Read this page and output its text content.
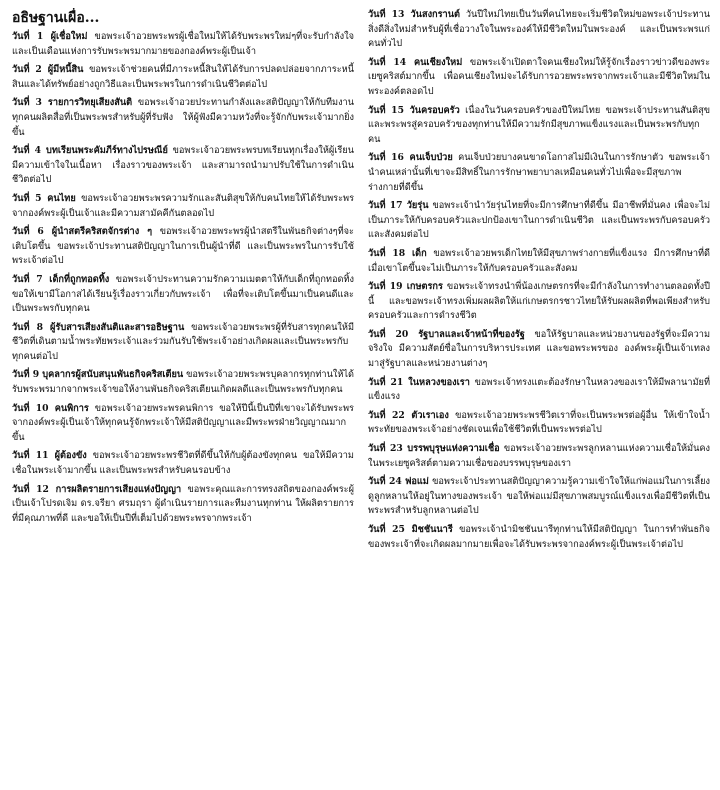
อธิษฐานเผื่อ...

วันที่ 1 ผู้เชื่อใหม่ ขอพระเจ้าอวยพระพรผู้เชื่อใหม่ให้ได้รับพระพรใหม่ๆที่จะรับกำลังใจและเป็นเดือนแห่งการรับพระพรมากมายของกองค์พระผู้เป็นเจ้า

วันที่ 2 ผู้มีหนี้สิน ขอพระเจ้าช่วยคนที่มีภาระหนี้สินให้ได้รับการปลดปล่อยจากภาระหนี้สินและได้ทรัพย์อย่างถูกวิธีและเป็นพระพรในการดำเนินชีวิตต่อไป

วันที่ 3 รายการวิทยุเสียงสันติ ขอพระเจ้าอวยประทานกำลังและสติปัญญาให้กับทีมงานทุกคนผลิตสื่อที่เป็นพระพรสำหรับผู้ที่รับฟัง ให้ผู้ฟังมีความหวังที่จะรู้จักกับพระเจ้ามากยิ่งขึ้น

วันที่ 4 บทเรียนพระคัมภีร์ทางไปรษณีย์ ขอพระเจ้าอวยพระพรบทเรียนทุกเรื่องให้ผู้เรียนมีความเข้าใจในเนื้อหา เรื่องราวของพระเจ้า และสามารถนำมาปรับใช้ในการดำเนินชีวิตต่อไป

วันที่ 5 คนไทย ขอพระเจ้าอวยพระพรความรักและสันติสุขให้กับคนไทยให้ได้รับพระพรจากองค์พระผู้เป็นเจ้าและมีความสามัคคีกันตลอดไป

วันที่ 6 ผู้นำสตรีคริสตจักรต่าง ๆ ขอพระเจ้าอวยพระพรผู้นำสตรีในพันธกิจต่างๆที่จะเติบโตขึ้น ขอพระเจ้าประทานสติปัญญาในการเป็นผู้นำที่ดี และเป็นพระพรในการรับใช้พระเจ้าต่อไป

วันที่ 7 เด็กที่ถูกทอดทิ้ง ขอพระเจ้าประทานความรักความเมตตาให้กับเด็กที่ถูกทอดทิ้ง ขอให้เขามีโอกาสได้เรียนรู้เรื่องราวเกี่ยวกับพระเจ้า เพื่อที่จะเติบโตขึ้นมาเป็นคนดีและเป็นพระพรกับทุกคน

วันที่ 8 ผู้รับสารเสียงสันติและสารอธิษฐาน ขอพระเจ้าอวยพระพรผู้ที่รับสารทุกคนให้มีชีวิตที่เดินตามน้ำพระทัยพระเจ้าและร่วมกันรับใช้พระเจ้าอย่างเกิดผลและเป็นพระพรกับทุกคนต่อไป

วันที่ 9 บุคลากรผู้สนับสนุนพันธกิจคริสเตียน ขอพระเจ้าอวยพระพรบุคลากรทุกท่านให้ได้รับพระพรมากจากพระเจ้าขอให้งานพันธกิจคริสเตียนเกิดผลดีและเป็นพระพรกับทุกคน

วันที่ 10 คนพิการ ขอพระเจ้าอวยพระพรคนพิการ ขอให้ปีนี้เป็นปีที่เขาจะได้รับพระพรจากองค์พระผู้เป็นเจ้าให้ทุกคนรู้จักพระเจ้าให้มีสติปัญญาและมีพระพรฝ่ายวิญญาณมากขึ้น

วันที่ 11 ผู้ต้องขัง ขอพระเจ้าอวยพระพรชีวิตที่ดีขึ้นให้กับผู้ต้องขังทุกคน ขอให้มีความเชื่อในพระเจ้ามากขึ้น และเป็นพระพรสำหรับคนรอบข้าง

วันที่ 12 การผลิตรายการเสียงแห่งปัญญา ขอพระคุณและการทรงสถิตของกองค์พระผู้เป็นเจ้าโปรดเจิม ดร.จรียา ศรมฤรา ผู้ดำเนินรายการและทีมงานทุกท่าน ให้ผลิตรายการที่มีคุณภาพที่ดี และขอให้เป็นปีที่เต็มไปด้วยพระพรจากพระเจ้า

วันที่ 13 วันสงกรานต์ วันปีใหม่ไทยเป็นวันที่คนไทยจะเริ่มชีวิตใหม่ขอพระเจ้าประทานสิ่งดีสิ่งใหม่สำหรับผู้ที่เชื่อวางใจในพระองค์ให้มีชีวิตใหม่ในพระองค์ และเป็นพระพรแก่คนทั่วไป

วันที่ 14 คนเชียงใหม่ ขอพระเจ้าเปิดตาใจคนเชียงใหม่ให้รู้จักเรื่องราวข่าวดีของพระเยซูคริสต์มากขึ้น เพื่อคนเชียงใหม่จะได้รับการอวยพระพรจากพระเจ้าและมีชีวิตใหม่ในพระองค์ตลอดไป

วันที่ 15 วันครอบครัว เนื่องในวันครอบครัวของปีใหม่ไทย ขอพระเจ้าประทานสันติสุขและพระพรสู่ครอบครัวของทุกท่านให้มีความรักมีสุขภาพแข็งแรงและเป็นพระพรกับทุกคน

วันที่ 16 คนเจ็บป่วย คนเจ็บป่วยบางคนขาดโอกาสไม่มีเงินในการรักษาตัว ขอพระเจ้านำคนเหล่านั้นที่เขาจะมีสิทธิ์ในการรักษาพยาบาลเหมือนคนทั่วไปเพื่อจะมีสุขภาพร่างกายที่ดีขึ้น

วันที่ 17 วัยรุ่น ขอพระเจ้านำวัยรุ่นไทยที่จะมีการศึกษาที่ดีขึ้น มีอาชีพที่มั่นคง เพื่อจะไม่เป็นภาระให้กับครอบครัวและปกป้องเขาในการดำเนินชีวิต และเป็นพระพรกับครอบครัวและสังคมต่อไป

วันที่ 18 เด็ก ขอพระเจ้าอวยพรเด็กไทยให้มีสุขภาพร่างกายที่แข็งแรง มีการศึกษาที่ดี เมื่อเขาโตขึ้นจะไม่เป็นภาระให้กับครอบครัวและสังคม

วันที่ 19 เกษตรกร ขอพระเจ้าทรงนำพี่น้องเกษตรกรที่จะมีกำลังในการทำงานตลอดทั้งปีนี้ และขอพระเจ้าทรงเพิ่มผลผลิตให้แก่เกษตรกรชาวไทยให้รับผลผลิตที่พอเพียงสำหรับครอบครัวและการดำรงชีวิต

วันที่ 20 รัฐบาลและเจ้าหน้าที่ของรัฐ ขอให้รัฐบาลและหน่วยงานของรัฐที่จะมีความจริงใจ มีความสัตย์ซื่อในการบริหารประเทศ และขอพระพรของ องค์พระผู้เป็นเจ้าเทลงมาสู่รัฐบาลและหน่วยงานต่างๆ

วันที่ 21 ในหลวงของเรา ขอพระเจ้าทรงแตะต้องรักษาในหลวงของเราให้มีพลานามัยที่แข็งแรง

วันที่ 22 ตัวเราเอง ขอพระเจ้าอวยพระพรชีวิตเราที่จะเป็นพระพรต่อผู้อื่น ให้เข้าใจน้ำพระทัยของพระเจ้าอย่างชัดเจนเพื่อใช้ชีวิตที่เป็นพระพรต่อไป

วันที่ 23 บรรพบุรุษแห่งความเชื่อ ขอพระเจ้าอวยพระพรลูกหลานแห่งความเชื่อให้มั่นคงในพระเยซูคริสต์ตามความเชื่อของบรรพบุรุษของเรา

วันที่ 24 พ่อแม่ ขอพระเจ้าประทานสติปัญญาความรู้ความเข้าใจให้แก่พ่อแม่ในการเลี้ยงดูลูกหลานให้อยู่ในทางของพระเจ้า ขอให้พ่อแม่มีสุขภาพสมบูรณ์แข็งแรงเพื่อมีชีวิตที่เป็นพระพรสำหรับลูกหลานต่อไป

วันที่ 25 มิชชันนารี ขอพระเจ้านำมิชชันนารีทุกท่านให้มีสติปัญญา ในการทำพันธกิจของพระเจ้าที่จะเกิดผลมากมายเพื่อจะได้รับพระพรจากองค์พระผู้เป็นพระเจ้าต่อไป
